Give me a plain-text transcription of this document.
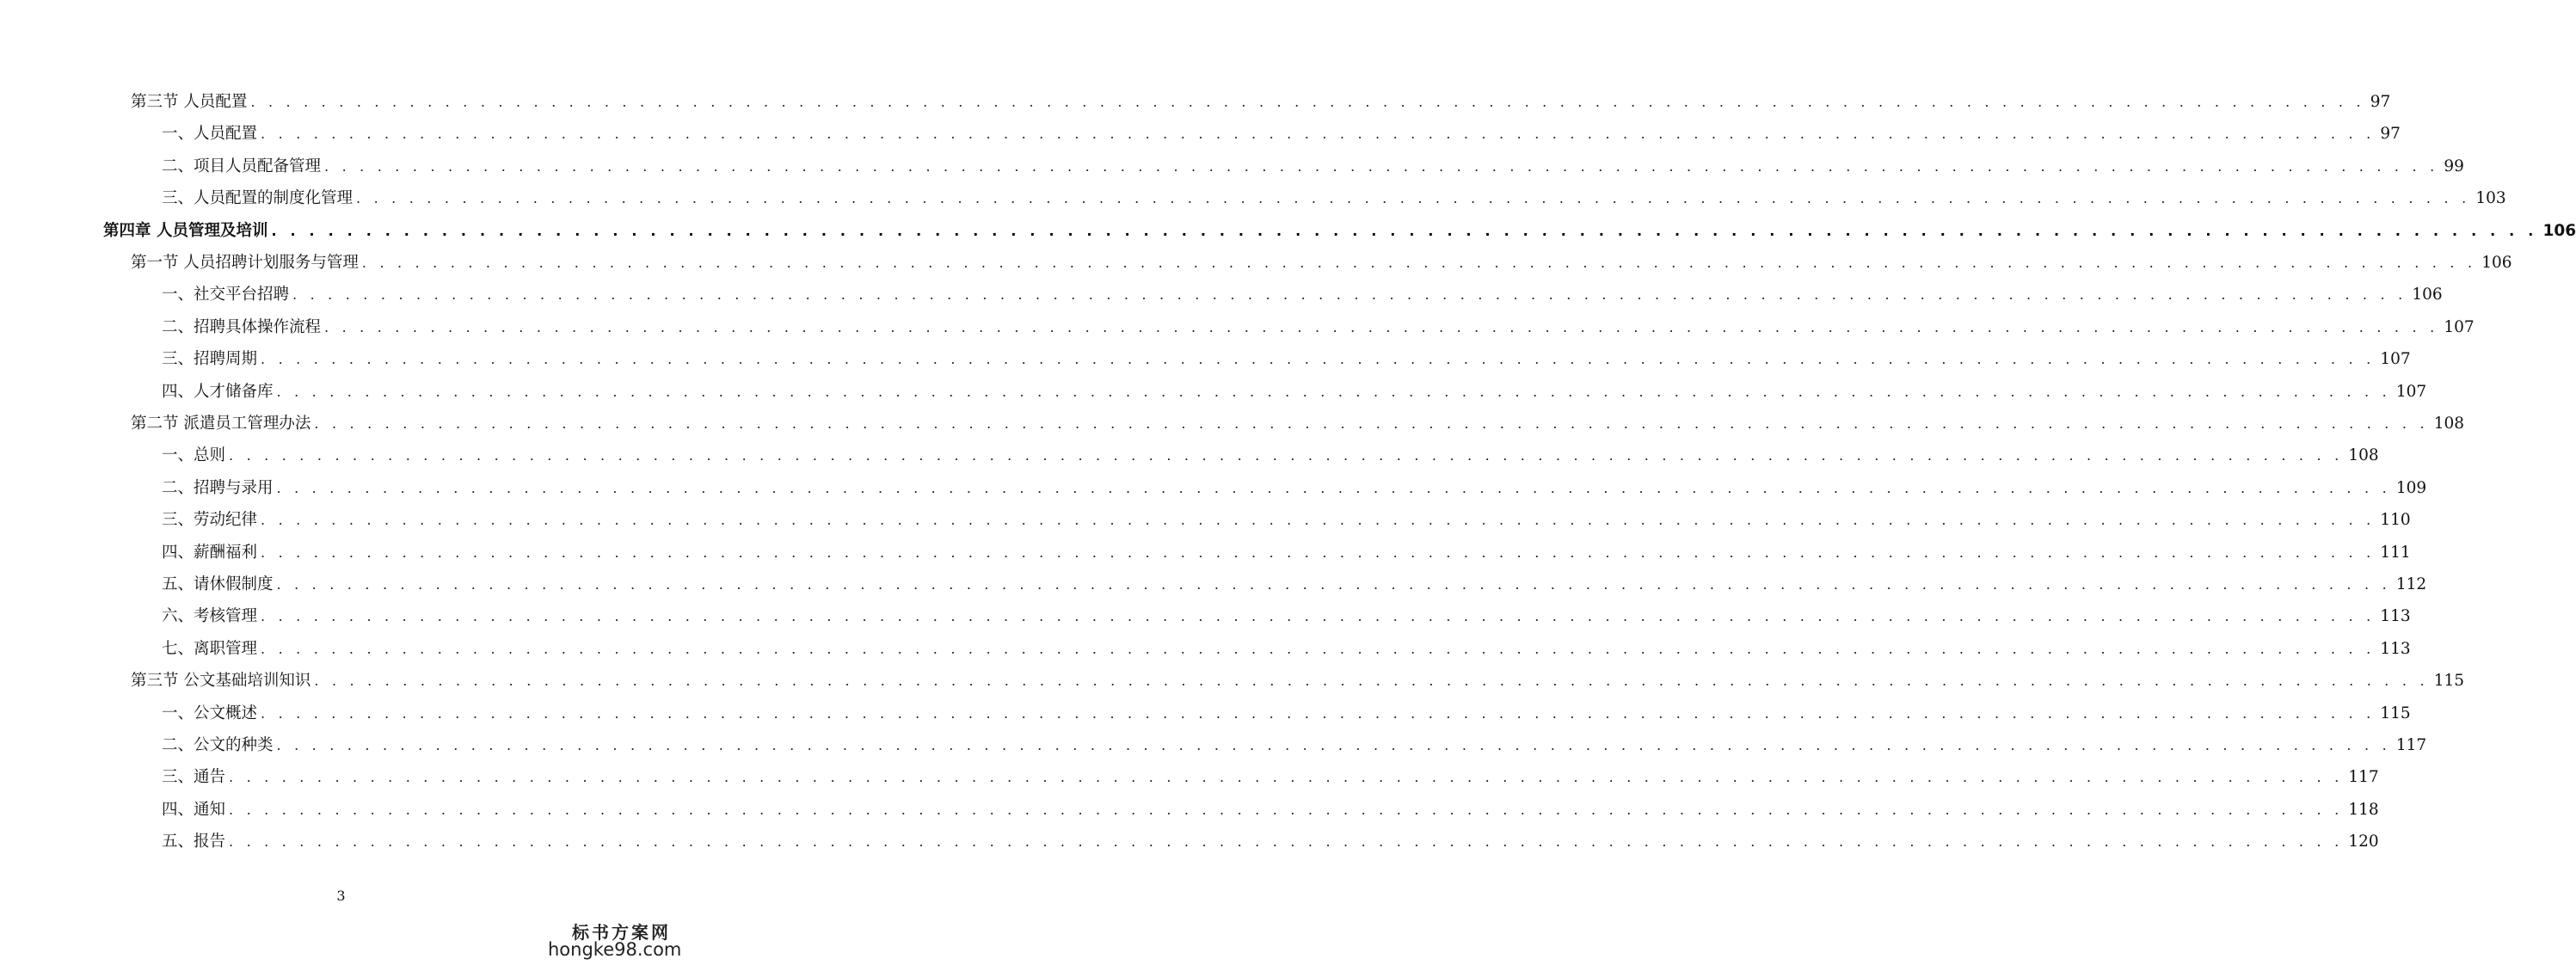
第三节 人员配置 . . . . . . . . . . . . . . . . . . . . . . . . . . . . . . . . . . . . . . . . . . . . . . . . . . . . . . . . . . . . . . . . . . . . . . . . . . . . . . . . . . . . . . . . . . . . . . . . . . . . . . . . . . . . . . . . . . . . . . . . 97
一、人员配置 . . . . . . . . . . . . . . . . . . . . . . . . . . . . . . . . . . . . . . . . . . . . . . . . . . . . . . . . . . . . . . . . . . . . . . . . . . . . . . . . . . . . . . . . . . . . . . . . . . . . . . . . . . . . . . . . . . . . . . . . 97
二、项目人员配备管理 . . . . . . . . . . . . . . . . . . . . . . . . . . . . . . . . . . . . . . . . . . . . . . . . . . . . . . . . . . . . . . . . . . . . . . . . . . . . . . . . . . . . . . . . . . . . . . . . . . . . . . . . . . . . . . . . . . . . . . . . 99
三、人员配置的制度化管理 . . . . . . . . . . . . . . . . . . . . . . . . . . . . . . . . . . . . . . . . . . . . . . . . . . . . . . . . . . . . . . . . . . . . . . . . . . . . . . . . . . . . . . . . . . . . . . . . . . . . . . . . . . . . . . . . . . . . . . . . 103
第四章 人员管理及培训 . . . . . . . . . . . . . . . . . . . . . . . . . . . . . . . . . . . . . . . . . . . . . . . . . . . . . . . . . . . . . . . . . . . . . . . . . . . . . . . . . . . . . . . . . . . . . . . . . . . . . . . . . . . . . . . . . . . . . . . . 106
第一节 人员招聘计划服务与管理 . . . . . . . . . . . . . . . . . . . . . . . . . . . . . . . . . . . . . . . . . . . . . . . . . . . . . . . . . . . . . . . . . . . . . . . . . . . . . . . . . . . . . . . . . . . . . . . . . . . . . . . . . . . . . . . . . . . . . . . . 106
一、社交平台招聘 . . . . . . . . . . . . . . . . . . . . . . . . . . . . . . . . . . . . . . . . . . . . . . . . . . . . . . . . . . . . . . . . . . . . . . . . . . . . . . . . . . . . . . . . . . . . . . . . . . . . . . . . . . . . . . . . . . . . . . . . 106
二、招聘具体操作流程 . . . . . . . . . . . . . . . . . . . . . . . . . . . . . . . . . . . . . . . . . . . . . . . . . . . . . . . . . . . . . . . . . . . . . . . . . . . . . . . . . . . . . . . . . . . . . . . . . . . . . . . . . . . . . . . . . . . . . . . . 107
三、招聘周期 . . . . . . . . . . . . . . . . . . . . . . . . . . . . . . . . . . . . . . . . . . . . . . . . . . . . . . . . . . . . . . . . . . . . . . . . . . . . . . . . . . . . . . . . . . . . . . . . . . . . . . . . . . . . . . . . . . . . . . . . 107
四、人才储备库 . . . . . . . . . . . . . . . . . . . . . . . . . . . . . . . . . . . . . . . . . . . . . . . . . . . . . . . . . . . . . . . . . . . . . . . . . . . . . . . . . . . . . . . . . . . . . . . . . . . . . . . . . . . . . . . . . . . . . . . . 107
第二节 派遣员工管理办法 . . . . . . . . . . . . . . . . . . . . . . . . . . . . . . . . . . . . . . . . . . . . . . . . . . . . . . . . . . . . . . . . . . . . . . . . . . . . . . . . . . . . . . . . . . . . . . . . . . . . . . . . . . . . . . . . . . . . . . . . 108
一、总则 . . . . . . . . . . . . . . . . . . . . . . . . . . . . . . . . . . . . . . . . . . . . . . . . . . . . . . . . . . . . . . . . . . . . . . . . . . . . . . . . . . . . . . . . . . . . . . . . . . . . . . . . . . . . . . . . . . . . . . . . 108
二、招聘与录用 . . . . . . . . . . . . . . . . . . . . . . . . . . . . . . . . . . . . . . . . . . . . . . . . . . . . . . . . . . . . . . . . . . . . . . . . . . . . . . . . . . . . . . . . . . . . . . . . . . . . . . . . . . . . . . . . . . . . . . . . 109
三、劳动纪律 . . . . . . . . . . . . . . . . . . . . . . . . . . . . . . . . . . . . . . . . . . . . . . . . . . . . . . . . . . . . . . . . . . . . . . . . . . . . . . . . . . . . . . . . . . . . . . . . . . . . . . . . . . . . . . . . . . . . . . . . 110
四、薪酬福利 . . . . . . . . . . . . . . . . . . . . . . . . . . . . . . . . . . . . . . . . . . . . . . . . . . . . . . . . . . . . . . . . . . . . . . . . . . . . . . . . . . . . . . . . . . . . . . . . . . . . . . . . . . . . . . . . . . . . . . . . 111
五、请休假制度 . . . . . . . . . . . . . . . . . . . . . . . . . . . . . . . . . . . . . . . . . . . . . . . . . . . . . . . . . . . . . . . . . . . . . . . . . . . . . . . . . . . . . . . . . . . . . . . . . . . . . . . . . . . . . . . . . . . . . . . . 112
六、考核管理 . . . . . . . . . . . . . . . . . . . . . . . . . . . . . . . . . . . . . . . . . . . . . . . . . . . . . . . . . . . . . . . . . . . . . . . . . . . . . . . . . . . . . . . . . . . . . . . . . . . . . . . . . . . . . . . . . . . . . . . . 113
七、离职管理 . . . . . . . . . . . . . . . . . . . . . . . . . . . . . . . . . . . . . . . . . . . . . . . . . . . . . . . . . . . . . . . . . . . . . . . . . . . . . . . . . . . . . . . . . . . . . . . . . . . . . . . . . . . . . . . . . . . . . . . . 113
第三节 公文基础培训知识 . . . . . . . . . . . . . . . . . . . . . . . . . . . . . . . . . . . . . . . . . . . . . . . . . . . . . . . . . . . . . . . . . . . . . . . . . . . . . . . . . . . . . . . . . . . . . . . . . . . . . . . . . . . . . . . . . . . . . . . . 115
一、公文概述 . . . . . . . . . . . . . . . . . . . . . . . . . . . . . . . . . . . . . . . . . . . . . . . . . . . . . . . . . . . . . . . . . . . . . . . . . . . . . . . . . . . . . . . . . . . . . . . . . . . . . . . . . . . . . . . . . . . . . . . . 115
二、公文的种类 . . . . . . . . . . . . . . . . . . . . . . . . . . . . . . . . . . . . . . . . . . . . . . . . . . . . . . . . . . . . . . . . . . . . . . . . . . . . . . . . . . . . . . . . . . . . . . . . . . . . . . . . . . . . . . . . . . . . . . . . 117
三、通告 . . . . . . . . . . . . . . . . . . . . . . . . . . . . . . . . . . . . . . . . . . . . . . . . . . . . . . . . . . . . . . . . . . . . . . . . . . . . . . . . . . . . . . . . . . . . . . . . . . . . . . . . . . . . . . . . . . . . . . . . 117
四、通知 . . . . . . . . . . . . . . . . . . . . . . . . . . . . . . . . . . . . . . . . . . . . . . . . . . . . . . . . . . . . . . . . . . . . . . . . . . . . . . . . . . . . . . . . . . . . . . . . . . . . . . . . . . . . . . . . . . . . . . . . 118
五、报告 . . . . . . . . . . . . . . . . . . . . . . . . . . . . . . . . . . . . . . . . . . . . . . . . . . . . . . . . . . . . . . . . . . . . . . . . . . . . . . . . . . . . . . . . . . . . . . . . . . . . . . . . . . . . . . . . . . . . . . . . 120
3
标书方案网
hongke98.com
